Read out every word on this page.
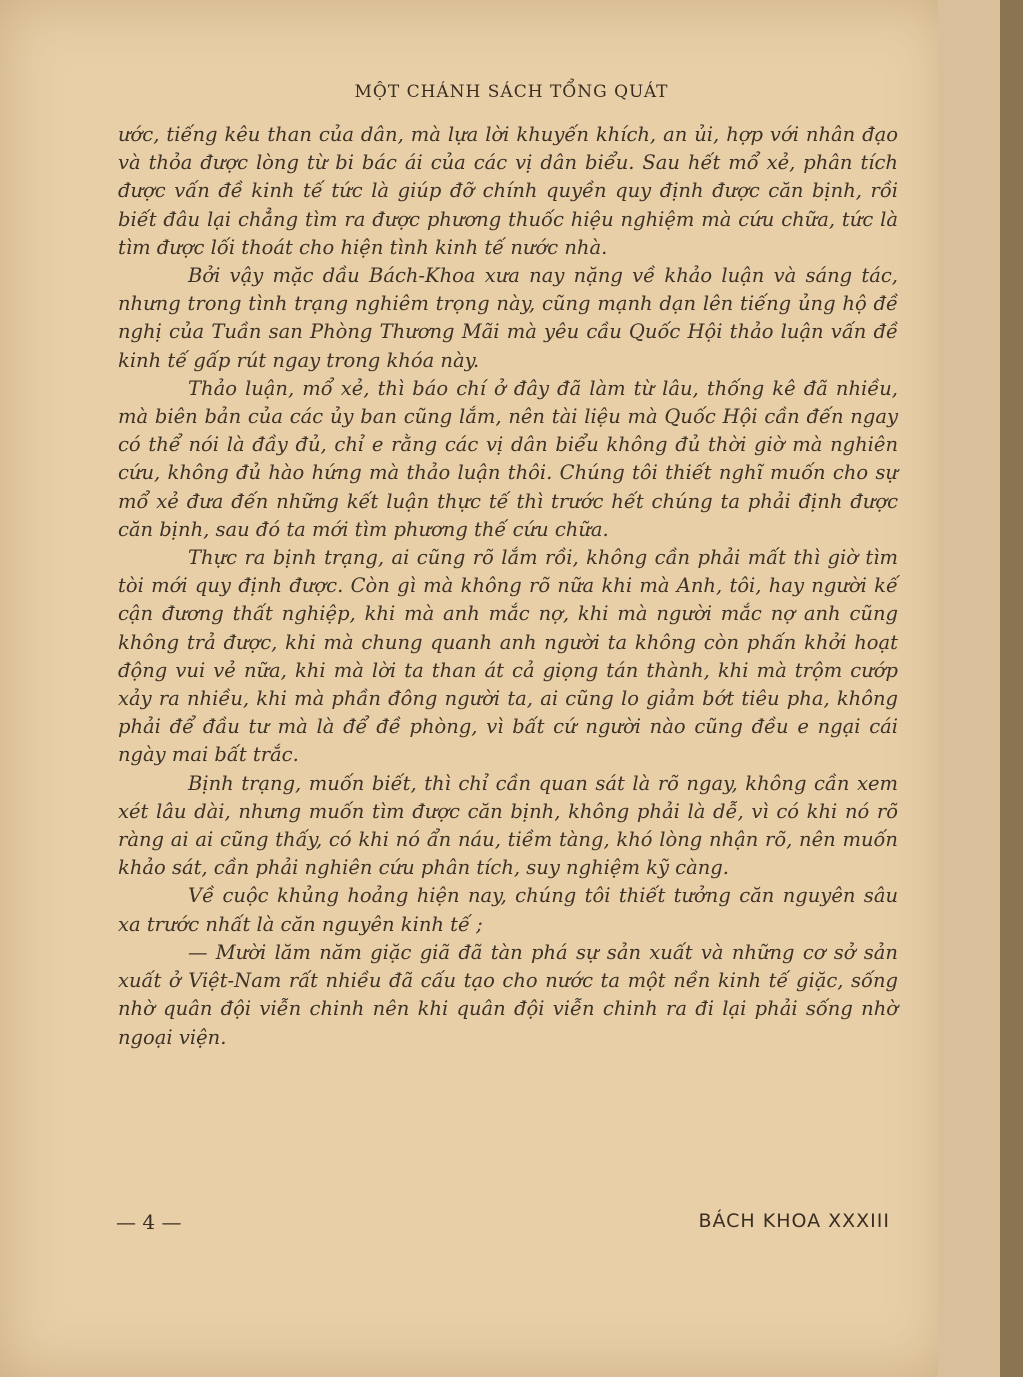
MỘT CHÁNH SÁCH TỔNG QUÁT

ước, tiếng kêu than của dân, mà lựa lời khuyến khích, an ủi, hợp với nhân đạo và thỏa được lòng từ bi bác ái của các vị dân biểu. Sau hết mổ xẻ, phân tích được vấn đề kinh tế tức là giúp đỡ chính quyền quy định được căn bịnh, rồi biết đâu lại chẳng tìm ra được phương thuốc hiệu nghiệm mà cứu chữa, tức là tìm được lối thoát cho hiện tình kinh tế nước nhà.

Bởi vậy mặc dầu Bách-Khoa xưa nay nặng về khảo luận và sáng tác, nhưng trong tình trạng nghiêm trọng này, cũng mạnh dạn lên tiếng ủng hộ đề nghị của Tuần san Phòng Thương Mãi mà yêu cầu Quốc Hội thảo luận vấn đề kinh tế gấp rút ngay trong khóa này.

Thảo luận, mổ xẻ, thì báo chí ở đây đã làm từ lâu, thống kê đã nhiều, mà biên bản của các ủy ban cũng lắm, nên tài liệu mà Quốc Hội cần đến ngay có thể nói là đầy đủ, chỉ e rằng các vị dân biểu không đủ thời giờ mà nghiên cứu, không đủ hào hứng mà thảo luận thôi. Chúng tôi thiết nghĩ muốn cho sự mổ xẻ đưa đến những kết luận thực tế thì trước hết chúng ta phải định được căn bịnh, sau đó ta mới tìm phương thế cứu chữa.

Thực ra bịnh trạng, ai cũng rõ lắm rồi, không cần phải mất thì giờ tìm tòi mới quy định được. Còn gì mà không rõ nữa khi mà Anh, tôi, hay người kế cận đương thất nghiệp, khi mà anh mắc nợ, khi mà người mắc nợ anh cũng không trả được, khi mà chung quanh anh người ta không còn phấn khởi hoạt động vui vẻ nữa, khi mà lời ta than át cả giọng tán thành, khi mà trộm cướp xảy ra nhiều, khi mà phần đông người ta, ai cũng lo giảm bớt tiêu pha, không phải để đầu tư mà là để đề phòng, vì bất cứ người nào cũng đều e ngại cái ngày mai bất trắc.

Bịnh trạng, muốn biết, thì chỉ cần quan sát là rõ ngay, không cần xem xét lâu dài, nhưng muốn tìm được căn bịnh, không phải là dễ, vì có khi nó rõ ràng ai ai cũng thấy, có khi nó ẩn náu, tiềm tàng, khó lòng nhận rõ, nên muốn khảo sát, cần phải nghiên cứu phân tích, suy nghiệm kỹ càng.

Về cuộc khủng hoảng hiện nay, chúng tôi thiết tưởng căn nguyên sâu xa trước nhất là căn nguyên kinh tế ;

— Mười lăm năm giặc giã đã tàn phá sự sản xuất và những cơ sở sản xuất ở Việt-Nam rất nhiều đã cấu tạo cho nước ta một nền kinh tế giặc, sống nhờ quân đội viễn chinh nên khi quân đội viễn chinh ra đi lại phải sống nhờ ngoại viện.

— 4 —	BÁCH KHOA XXXIII
